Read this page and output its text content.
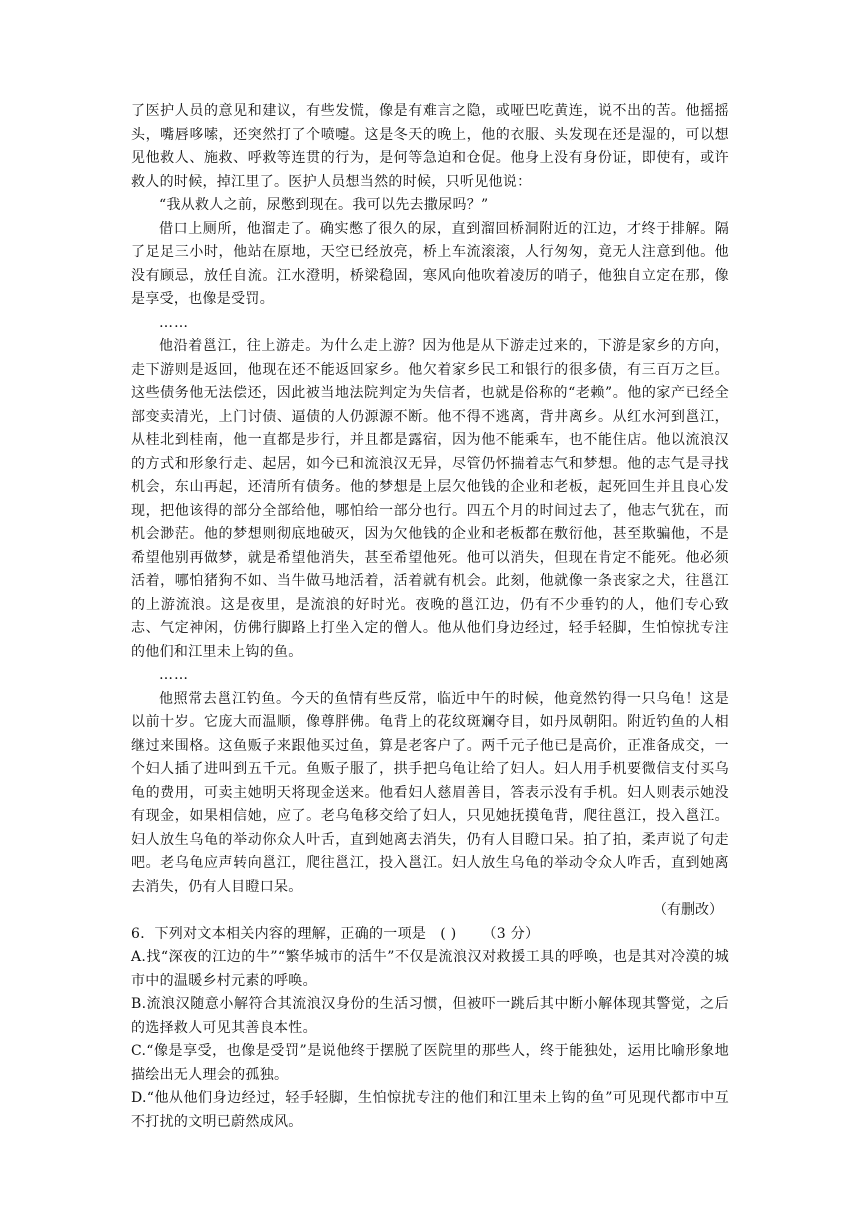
了医护人员的意见和建议，有些发慌，像是有难言之隐，或哑巴吃黄连，说不出的苦。他摇摇头，嘴唇哆嗦，还突然打了个喷嚏。这是冬天的晚上，他的衣服、头发现在还是湿的，可以想见他救人、施救、呼救等连贯的行为，是何等急迫和仓促。他身上没有身份证，即使有，或许救人的时候，掉江里了。医护人员想当然的时候，只听见他说：

“我从救人之前，尿憋到现在。我可以先去撒尿吗？”

借口上厕所，他溜走了。确实憋了很久的尿，直到溜回桥洞附近的江边，才终于排解。隔了足足三小时，他站在原地，天空已经放亮，桥上车流滚滚，人行匆匆，竟无人注意到他。他没有顾忌，放任自流。江水澄明，桥梁稳固，寒风向他吹着凌厉的哨子，他独自立定在那，像是享受，也像是受罚。

……

他沿着邕江，往上游走。为什么走上游？因为他是从下游走过来的，下游是家乡的方向，走下游则是返回，他现在还不能返回家乡。他欠着家乡民工和银行的很多债，有三百万之巨。这些债务他无法偿还，因此被当地法院判定为失信者，也就是俗称的“老赖”。他的家产已经全部变卖清光，上门讨债、逼债的人仍源源不断。他不得不逃离，背井离乡。从红水河到邕江，从桂北到桂南，他一直都是步行，并且都是露宿，因为他不能乘车，也不能住店。他以流浪汉的方式和形象行走、起居，如今已和流浪汉无异，尽管仍怀揣着志气和梦想。他的志气是寻找机会，东山再起，还清所有债务。他的梦想是上层欠他钱的企业和老板，起死回生并且良心发现，把他该得的部分全部给他，哪怕给一部分也行。四五个月的时间过去了，他志气犹在，而机会渺茫。他的梦想则彻底地破灭，因为欠他钱的企业和老板都在敷衍他，甚至欺骗他，不是希望他别再做梦，就是希望他消失，甚至希望他死。他可以消失，但现在肯定不能死。他必须活着，哪怕猪狗不如、当牛做马地活着，活着就有机会。此刻，他就像一条丧家之犬，往邕江的上游流浪。这是夜里，是流浪的好时光。夜晚的邕江边，仍有不少垂钓的人，他们专心致志、气定神闲，仿佛行脚路上打坐入定的僧人。他从他们身边经过，轻手轻脚，生怕惊扰专注的他们和江里未上钩的鱼。

……

他照常去邕江钓鱼。今天的鱼情有些反常，临近中午的时候，他竟然钓得一只乌龟！这是以前十岁。它庞大而温顺，像尊胖佛。龟背上的花纹斑斓夺目，如丹凤朝阳。附近钓鱼的人相继过来围格。这鱼贩子来跟他买过鱼，算是老客户了。两千元子他已是高价，正准备成交，一个妇人插了进叫到五千元。鱼贩子服了，拱手把乌龟让给了妇人。妇人用手机要微信支付买乌龟的费用，可卖主她明天将现金送来。他看妇人慈眉善目，答表示没有手机。妇人则表示她没有现金，如果相信她，应了。老乌龟移交给了妇人，只见她抚摸龟背，爬往邕江，投入邕江。妇人放生乌龟的举动你众人叶舌，直到她离去消失，仍有人目瞪口呆。拍了拍，柔声说了句走吧。老乌龟应声转向邕江，爬往邕江，投入邕江。妇人放生乌龟的举动令众人咋舌，直到她离去消失，仍有人目瞪口呆。

（有删改）

6．下列对文本相关内容的理解，正确的一项是 ( ) （3 分）

A.找“深夜的江边的牛”“繁华城市的活牛”不仅是流浪汉对救援工具的呼唤，也是其对冷漠的城市中的温暖乡村元素的呼唤。

B.流浪汉随意小解符合其流浪汉身份的生活习惯，但被吓一跳后其中断小解体现其警觉，之后的选择救人可见其善良本性。

C.“像是享受，也像是受罚”是说他终于摆脱了医院里的那些人，终于能独处，运用比喻形象地描绘出无人理会的孤独。

D.“他从他们身边经过，轻手轻脚，生怕惊扰专注的他们和江里未上钩的鱼”可见现代都市中互不打扰的文明已蔚然成风。
